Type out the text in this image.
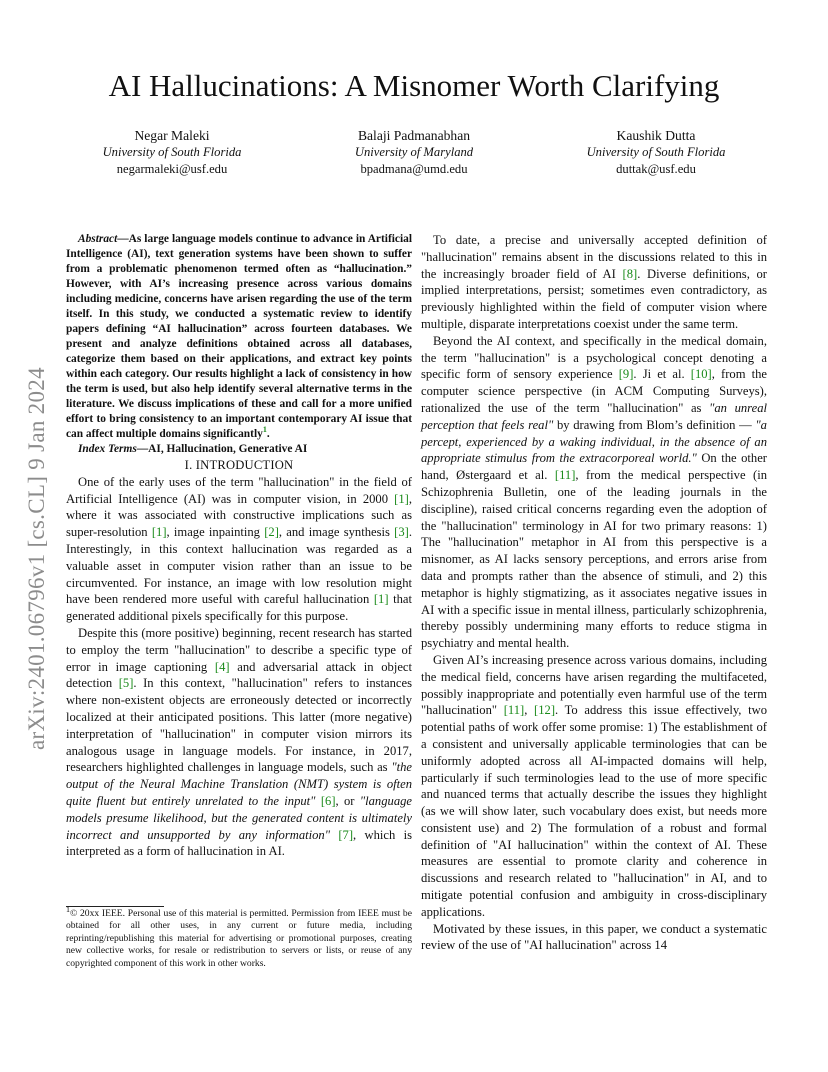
arXiv:2401.06796v1 [cs.CL] 9 Jan 2024
AI Hallucinations: A Misnomer Worth Clarifying
Negar Maleki
University of South Florida
negarmaleki@usf.edu
Balaji Padmanabhan
University of Maryland
bpadmana@umd.edu
Kaushik Dutta
University of South Florida
duttak@usf.edu

Abstract—As large language models continue to advance in Artificial Intelligence (AI), text generation systems have been shown to suffer from a problematic phenomenon termed often as “hallucination.” However, with AI’s increasing presence across various domains including medicine, concerns have arisen regarding the use of the term itself. In this study, we conducted a systematic review to identify papers defining “AI hallucination” across fourteen databases. We present and analyze definitions obtained across all databases, categorize them based on their applications, and extract key points within each category. Our results highlight a lack of consistency in how the term is used, but also help identify several alternative terms in the literature. We discuss implications of these and call for a more unified effort to bring consistency to an important contemporary AI issue that can affect multiple domains significantly$^1$.

Index Terms—AI, Hallucination, Generative AI

I. INTRODUCTION

One of the early uses of the term "hallucination" in the field of Artificial Intelligence (AI) was in computer vision, in 2000 [1], where it was associated with constructive implications such as super-resolution [1], image inpainting [2], and image synthesis [3]. Interestingly, in this context hallucination was regarded as a valuable asset in computer vision rather than an issue to be circumvented. For instance, an image with low resolution might have been rendered more useful with careful hallucination [1] that generated additional pixels specifically for this purpose.

Despite this (more positive) beginning, recent research has started to employ the term "hallucination" to describe a specific type of error in image captioning [4] and adversarial attack in object detection [5]. In this context, "hallucination" refers to instances where non-existent objects are erroneously detected or incorrectly localized at their anticipated positions. This latter (more negative) interpretation of "hallucination" in computer vision mirrors its analogous usage in language models. For instance, in 2017, researchers highlighted challenges in language models, such as "the output of the Neural Machine Translation (NMT) system is often quite fluent but entirely unrelated to the input" [6], or "language models presume likelihood, but the generated content is ultimately incorrect and unsupported by any information" [7], which is interpreted as a form of hallucination in AI.

$^1$© 20xx IEEE. Personal use of this material is permitted. Permission from IEEE must be obtained for all other uses, in any current or future media, including reprinting/republishing this material for advertising or promotional purposes, creating new collective works, for resale or redistribution to servers or lists, or reuse of any copyrighted component of this work in other works.

To date, a precise and universally accepted definition of "hallucination" remains absent in the discussions related to this in the increasingly broader field of AI [8]. Diverse definitions, or implied interpretations, persist; sometimes even contradictory, as previously highlighted within the field of computer vision where multiple, disparate interpretations coexist under the same term.

Beyond the AI context, and specifically in the medical domain, the term "hallucination" is a psychological concept denoting a specific form of sensory experience [9]. Ji et al. [10], from the computer science perspective (in ACM Computing Surveys), rationalized the use of the term "hallucination" as "an unreal perception that feels real" by drawing from Blom’s definition — "a percept, experienced by a waking individual, in the absence of an appropriate stimulus from the extracorporeal world." On the other hand, Østergaard et al. [11], from the medical perspective (in Schizophrenia Bulletin, one of the leading journals in the discipline), raised critical concerns regarding even the adoption of the "hallucination" terminology in AI for two primary reasons: 1) The "hallucination" metaphor in AI from this perspective is a misnomer, as AI lacks sensory perceptions, and errors arise from data and prompts rather than the absence of stimuli, and 2) this metaphor is highly stigmatizing, as it associates negative issues in AI with a specific issue in mental illness, particularly schizophrenia, thereby possibly undermining many efforts to reduce stigma in psychiatry and mental health.

Given AI’s increasing presence across various domains, including the medical field, concerns have arisen regarding the multifaceted, possibly inappropriate and potentially even harmful use of the term "hallucination" [11], [12]. To address this issue effectively, two potential paths of work offer some promise: 1) The establishment of a consistent and universally applicable terminologies that can be uniformly adopted across all AI-impacted domains will help, particularly if such terminologies lead to the use of more specific and nuanced terms that actually describe the issues they highlight (as we will show later, such vocabulary does exist, but needs more consistent use) and 2) The formulation of a robust and formal definition of "AI hallucination" within the context of AI. These measures are essential to promote clarity and coherence in discussions and research related to "hallucination" in AI, and to mitigate potential confusion and ambiguity in cross-disciplinary applications.

Motivated by these issues, in this paper, we conduct a systematic review of the use of "AI hallucination" across 14
